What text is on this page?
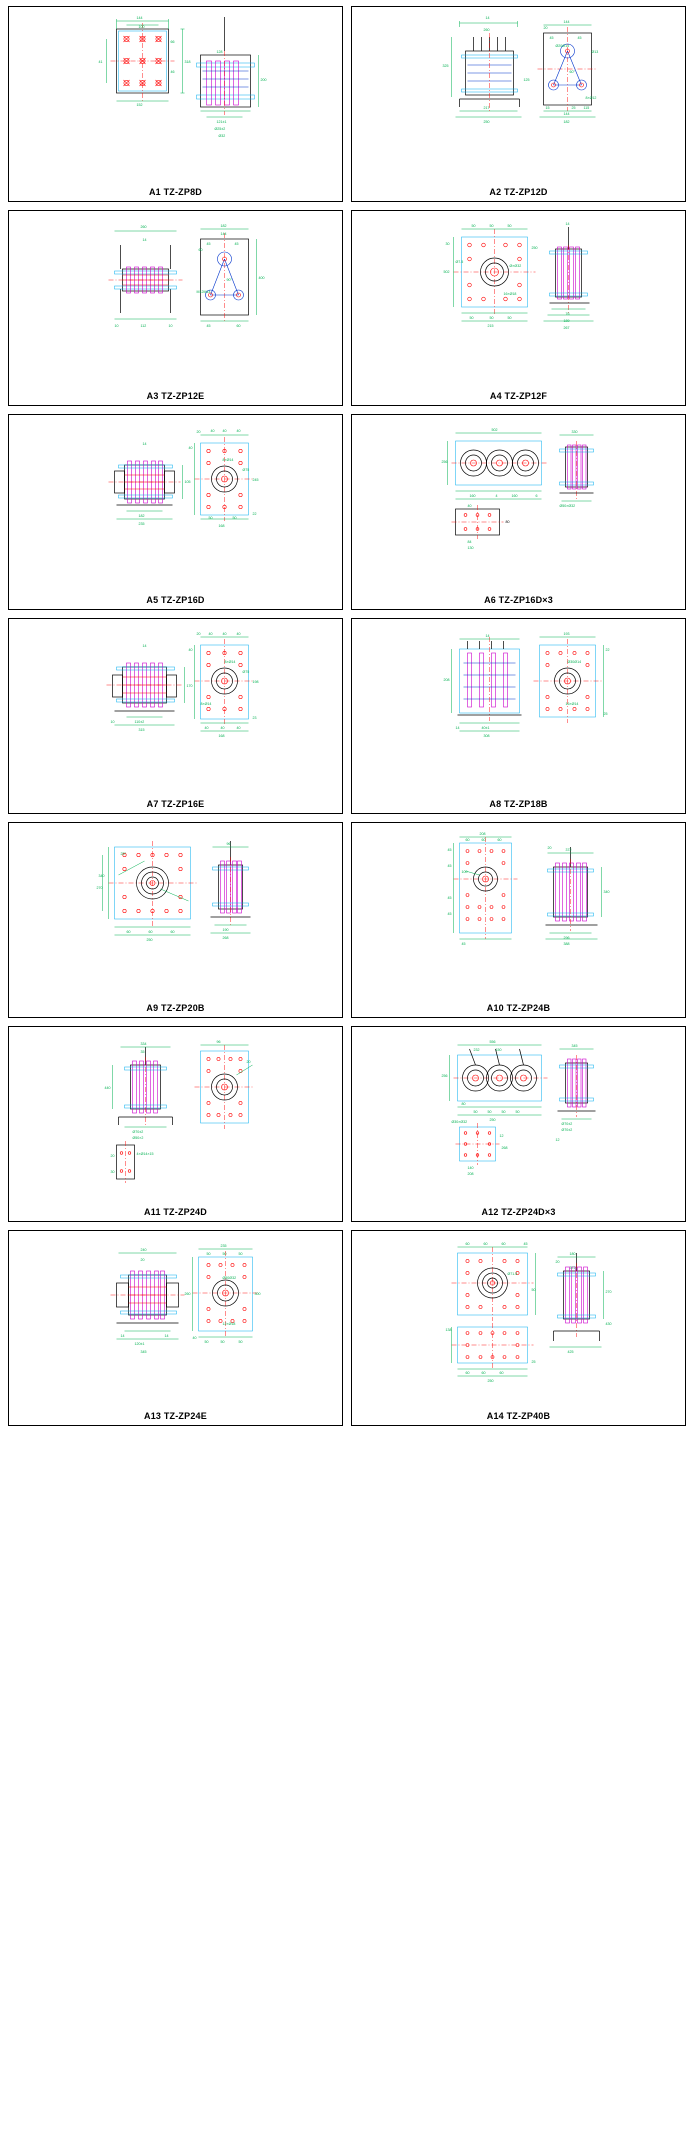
144
100
152
318
41
66
46
121±1
Ø25±2
Ø32
200
128
A1 TZ-ZP8D
14
260
325
217
250
125
144
45	45
Ø20Ø14
Ø13
60°
144
182
15	25 115
8×Ø12
20
A2 TZ-ZP12D
260
14
10	112	10
182
144
45	45
60
400
M12M14
90°
45	60
A3 TZ-ZP12E
50	50	50
30
502
250
50	50	50
215
Ø7.5
Ø×Ø32
16×Ø18
14
76
189
267
A4 TZ-ZP12F
14
105
182
235
20	40 40	40
40
8×Ø14
Ø75
245
50	50
168
22
A5 TZ-ZP16D
502
256
160	4	160	6
40
84
130
80
330
Ø50×Ø32
A6 TZ-ZP16D×3
14
170
110±2
10
315
20 40	40	40
40
8×Ø14
Ø75
198
8×Ø14
40	40	40
168
23
A7 TZ-ZP16E
14
208
14	40±1
308
193
22
Ø30Ø14
16×Ø14
25
A8 TZ-ZP18B
25°
340
270
60	60	60
250
96
190
268
A9 TZ-ZP20B
208
60	60	60
45
45
45
45
45
100
372
20
340
296
388
A10 TZ-ZP24B
334
35
440
Ø70±2
Ø50×2
4×Ø14×15
20
30
96
20
A11 TZ-ZP24D
556
232	150
256
80
50	50	50	50
250
Ø30×Ø32
12
268
140
208
345
Ø70±2
Ø70±2
12
A12 TZ-ZP24D×3
240
20
14	14
120±1
345
235
50	50	50
260	300
Ø50Ø32
12×Ø18
50	50	50
40
A13 TZ-ZP24E
60	60	60	45
Ø71.5
50
138
60	60	60
250
25
180
20
372
270
430
425
A14 TZ-ZP40B
